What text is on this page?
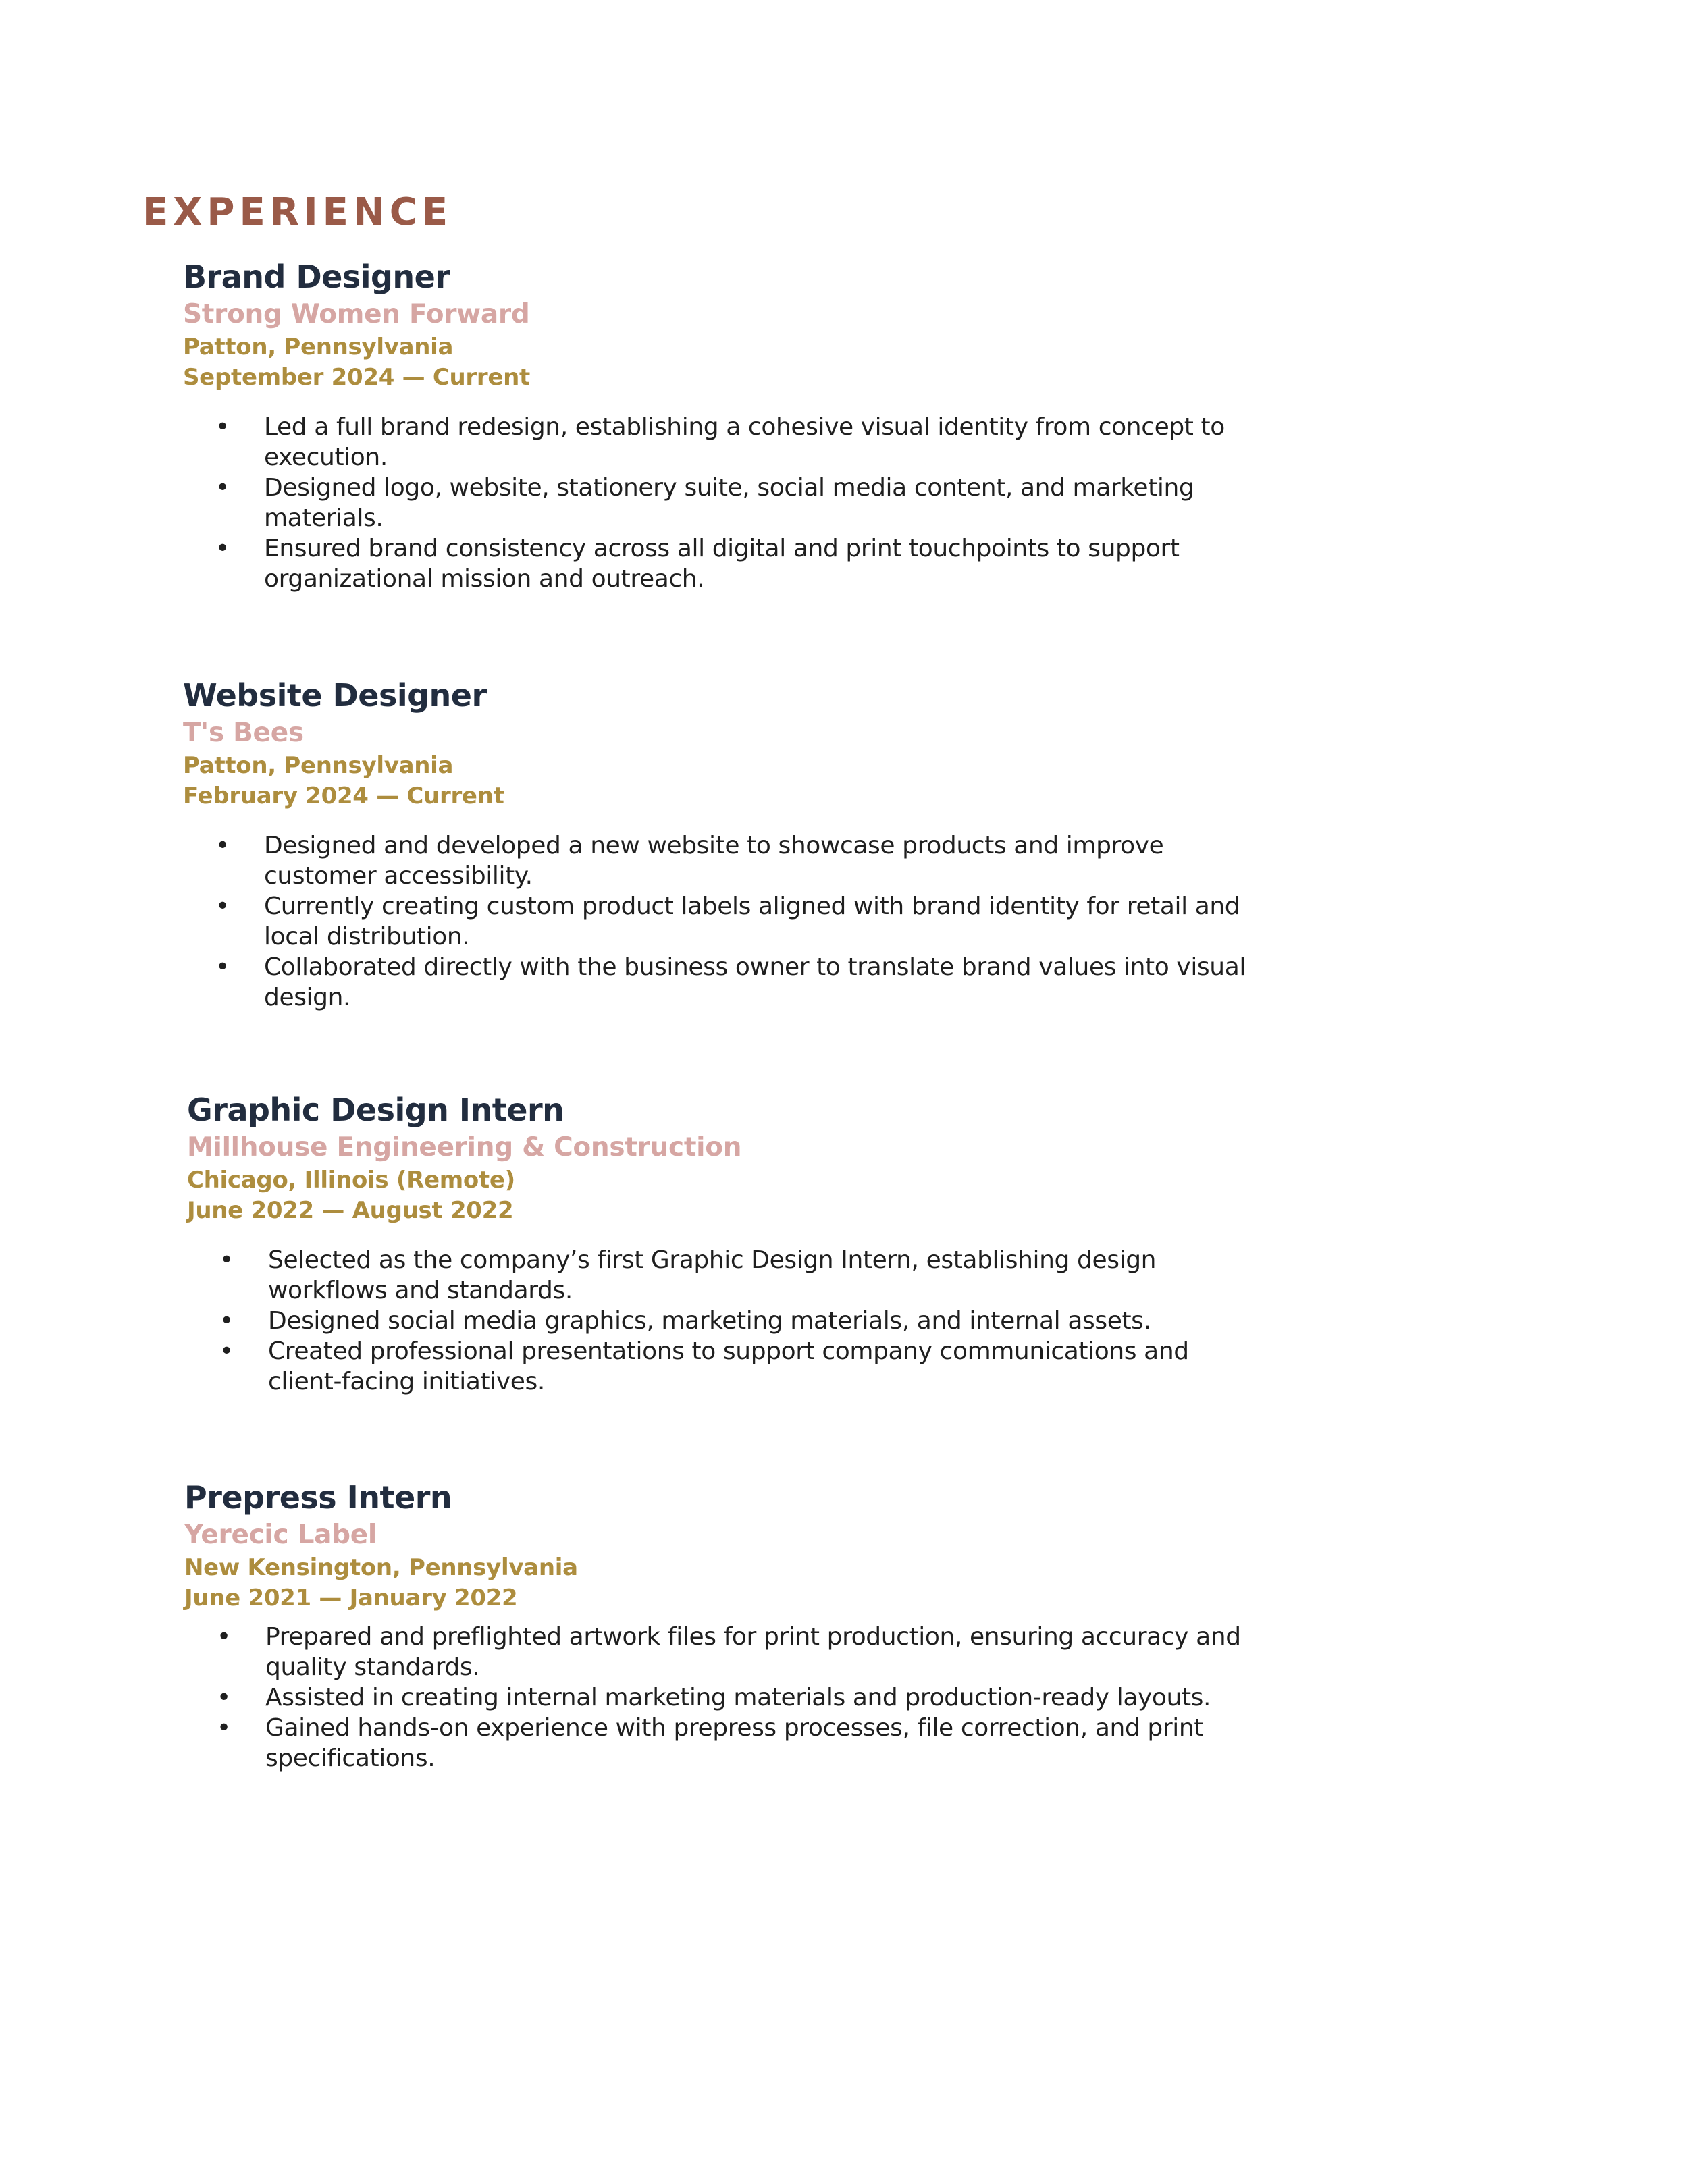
EXPERIENCE

Brand Designer

Strong Women Forward

Patton, Pennsylvania

September 2024 — Current

• Led a full brand redesign, establishing a cohesive visual identity from concept to execution.
• Designed logo, website, stationery suite, social media content, and marketing materials.
• Ensured brand consistency across all digital and print touchpoints to support organizational mission and outreach.

Website Designer

T's Bees

Patton, Pennsylvania

February 2024 — Current

• Designed and developed a new website to showcase products and improve customer accessibility.
• Currently creating custom product labels aligned with brand identity for retail and local distribution.
• Collaborated directly with the business owner to translate brand values into visual design.

Graphic Design Intern

Millhouse Engineering & Construction

Chicago, Illinois (Remote)

June 2022 — August 2022

• Selected as the company’s first Graphic Design Intern, establishing design workflows and standards.
• Designed social media graphics, marketing materials, and internal assets.
• Created professional presentations to support company communications and client-facing initiatives.

Prepress Intern

Yerecic Label

New Kensington, Pennsylvania

June 2021 — January 2022

• Prepared and preflighted artwork files for print production, ensuring accuracy and quality standards.
• Assisted in creating internal marketing materials and production-ready layouts.
• Gained hands-on experience with prepress processes, file correction, and print specifications.
